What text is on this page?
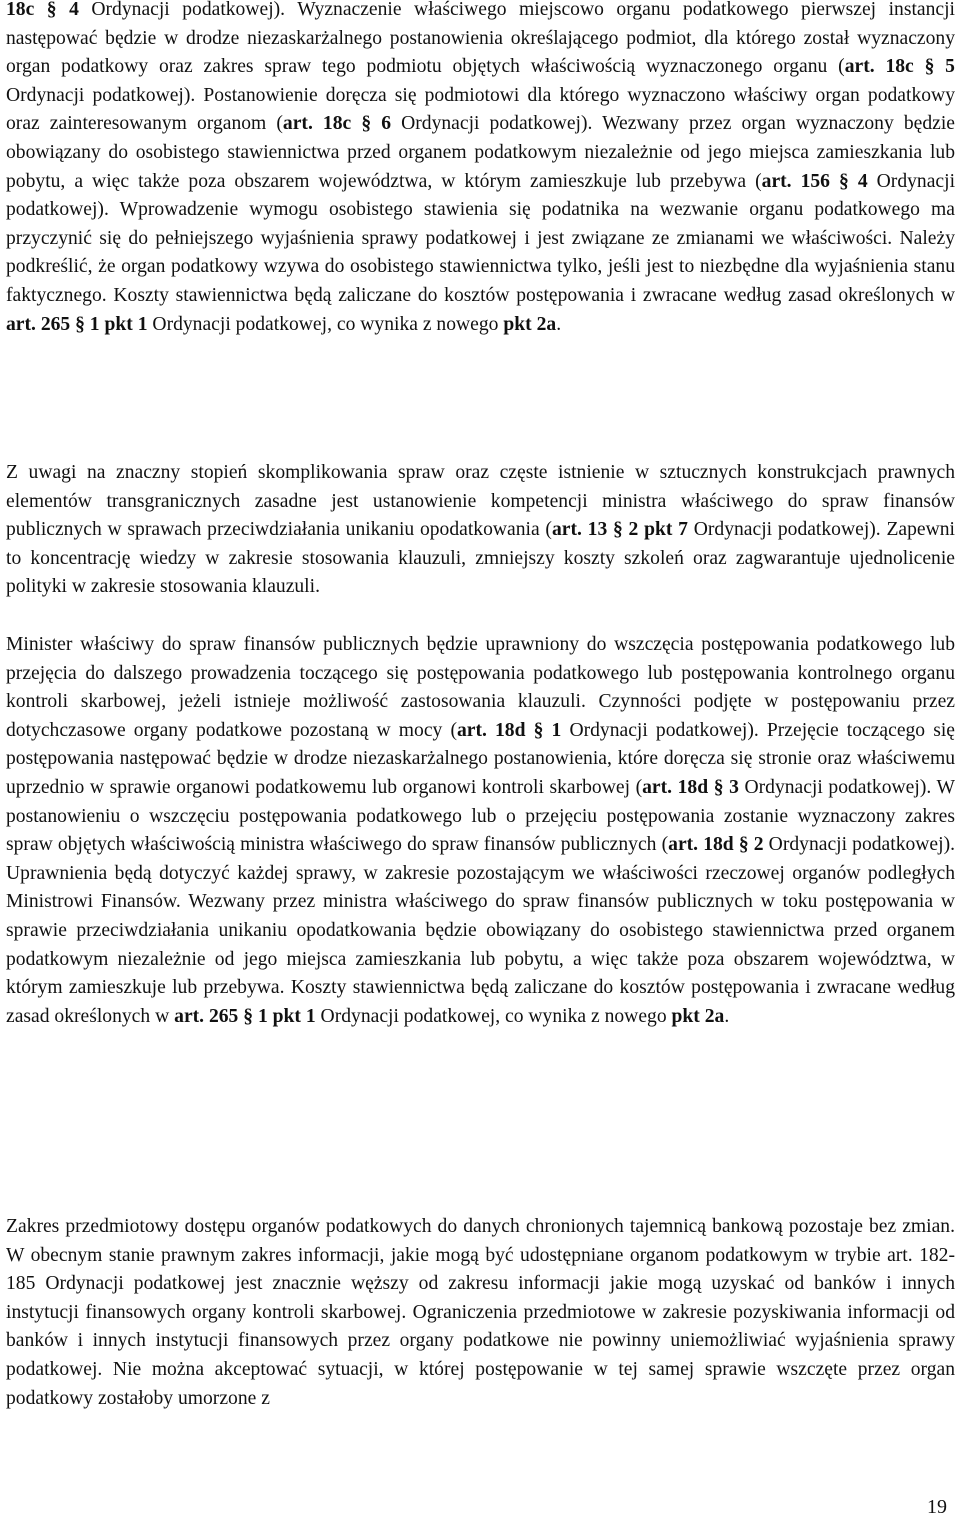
18c § 4 Ordynacji podatkowej). Wyznaczenie właściwego miejscowo organu podatkowego pierwszej instancji następować będzie w drodze niezaskarżalnego postanowienia określającego podmiot, dla którego został wyznaczony organ podatkowy oraz zakres spraw tego podmiotu objętych właściwością wyznaczonego organu (art. 18c § 5 Ordynacji podatkowej). Postanowienie doręcza się podmiotowi dla którego wyznaczono właściwy organ podatkowy oraz zainteresowanym organom (art. 18c § 6 Ordynacji podatkowej). Wezwany przez organ wyznaczony będzie obowiązany do osobistego stawiennictwa przed organem podatkowym niezależnie od jego miejsca zamieszkania lub pobytu, a więc także poza obszarem województwa, w którym zamieszkuje lub przebywa (art. 156 § 4 Ordynacji podatkowej). Wprowadzenie wymogu osobistego stawienia się podatnika na wezwanie organu podatkowego ma przyczynić się do pełniejszego wyjaśnienia sprawy podatkowej i jest związane ze zmianami we właściwości. Należy podkreślić, że organ podatkowy wzywa do osobistego stawiennictwa tylko, jeśli jest to niezbędne dla wyjaśnienia stanu faktycznego. Koszty stawiennictwa będą zaliczane do kosztów postępowania i zwracane według zasad określonych w art. 265 § 1 pkt 1 Ordynacji podatkowej, co wynika z nowego pkt 2a.

Z uwagi na znaczny stopień skomplikowania spraw oraz częste istnienie w sztucznych konstrukcjach prawnych elementów transgranicznych zasadne jest ustanowienie kompetencji ministra właściwego do spraw finansów publicznych w sprawach przeciwdziałania unikaniu opodatkowania (art. 13 § 2 pkt 7 Ordynacji podatkowej). Zapewni to koncentrację wiedzy w zakresie stosowania klauzuli, zmniejszy koszty szkoleń oraz zagwarantuje ujednolicenie polityki w zakresie stosowania klauzuli.

Minister właściwy do spraw finansów publicznych będzie uprawniony do wszczęcia postępowania podatkowego lub przejęcia do dalszego prowadzenia toczącego się postępowania podatkowego lub postępowania kontrolnego organu kontroli skarbowej, jeżeli istnieje możliwość zastosowania klauzuli. Czynności podjęte w postępowaniu przez dotychczasowe organy podatkowe pozostaną w mocy (art. 18d § 1 Ordynacji podatkowej). Przejęcie toczącego się postępowania następować będzie w drodze niezaskarżalnego postanowienia, które doręcza się stronie oraz właściwemu uprzednio w sprawie organowi podatkowemu lub organowi kontroli skarbowej (art. 18d § 3 Ordynacji podatkowej). W postanowieniu o wszczęciu postępowania podatkowego lub o przejęciu postępowania zostanie wyznaczony zakres spraw objętych właściwością ministra właściwego do spraw finansów publicznych (art. 18d § 2 Ordynacji podatkowej). Uprawnienia będą dotyczyć każdej sprawy, w zakresie pozostającym we właściwości rzeczowej organów podległych Ministrowi Finansów. Wezwany przez ministra właściwego do spraw finansów publicznych w toku postępowania w sprawie przeciwdziałania unikaniu opodatkowania będzie obowiązany do osobistego stawiennictwa przed organem podatkowym niezależnie od jego miejsca zamieszkania lub pobytu, a więc także poza obszarem województwa, w którym zamieszkuje lub przebywa. Koszty stawiennictwa będą zaliczane do kosztów postępowania i zwracane według zasad określonych w art. 265 § 1 pkt 1 Ordynacji podatkowej, co wynika z nowego pkt 2a.

Zakres przedmiotowy dostępu organów podatkowych do danych chronionych tajemnicą bankową pozostaje bez zmian. W obecnym stanie prawnym zakres informacji, jakie mogą być udostępniane organom podatkowym w trybie art. 182-185 Ordynacji podatkowej jest znacznie węższy od zakresu informacji jakie mogą uzyskać od banków i innych instytucji finansowych organy kontroli skarbowej. Ograniczenia przedmiotowe w zakresie pozyskiwania informacji od banków i innych instytucji finansowych przez organy podatkowe nie powinny uniemożliwiać wyjaśnienia sprawy podatkowej. Nie można akceptować sytuacji, w której postępowanie w tej samej sprawie wszczęte przez organ podatkowy zostałoby umorzone z

19
